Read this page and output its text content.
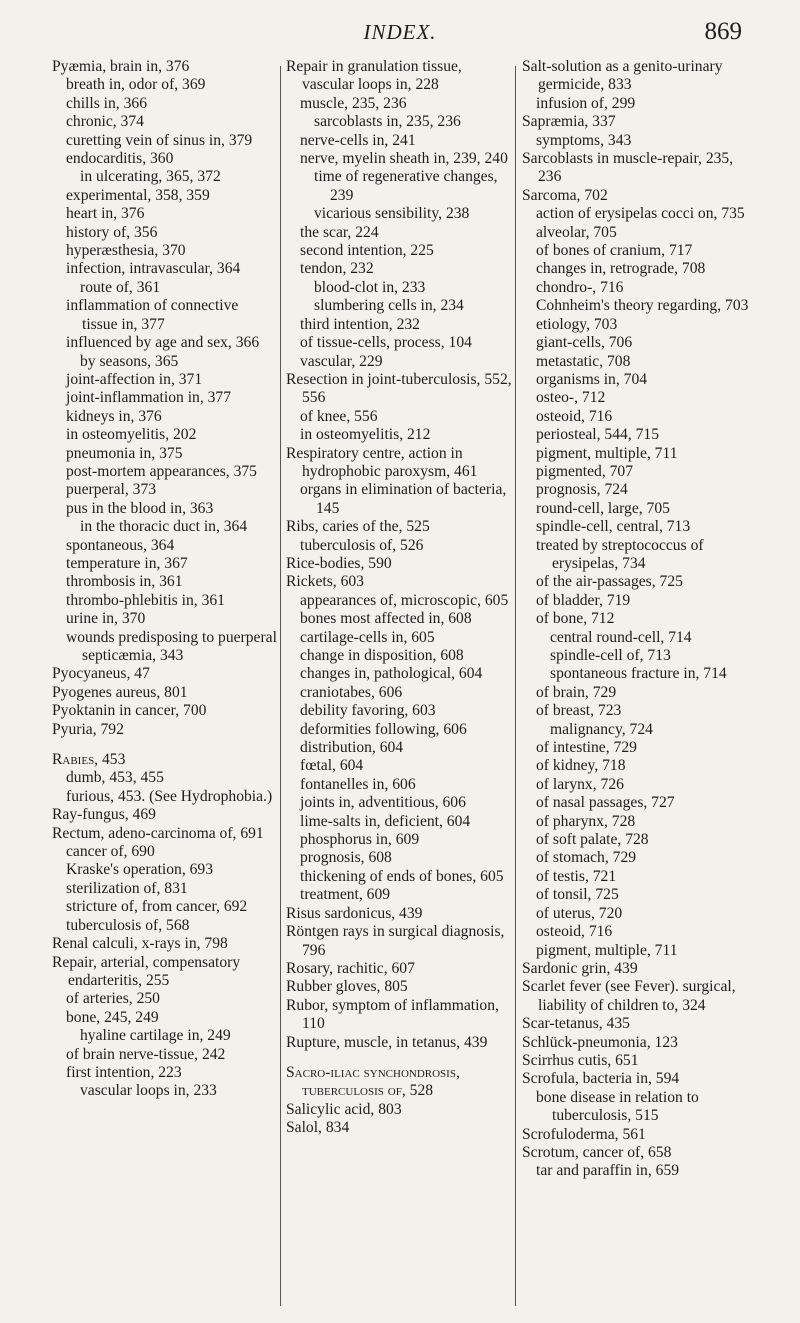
INDEX.	869

Pyæmia, brain in, 376

breath in, odor of, 369

chills in, 366

chronic, 374

curetting vein of sinus in, 379

endocarditis, 360

in ulcerating, 365, 372

experimental, 358, 359

heart in, 376

history of, 356

hyperæsthesia, 370

infection, intravascular, 364

route of, 361

inflammation of connective tissue in, 377

influenced by age and sex, 366

by seasons, 365

joint-affection in, 371

joint-inflammation in, 377

kidneys in, 376

in osteomyelitis, 202

pneumonia in, 375

post-mortem appearances, 375

puerperal, 373

pus in the blood in, 363

in the thoracic duct in, 364

spontaneous, 364

temperature in, 367

thrombosis in, 361

thrombo-phlebitis in, 361

urine in, 370

wounds predisposing to puerperal septicæmia, 343

Pyocyaneus, 47

Pyogenes aureus, 801

Pyoktanin in cancer, 700

Pyuria, 792

Rabies, 453

dumb, 453, 455

furious, 453. (See Hydrophobia.)

Ray-fungus, 469

Rectum, adeno-carcinoma of, 691

cancer of, 690

Kraske's operation, 693

sterilization of, 831

stricture of, from cancer, 692

tuberculosis of, 568

Renal calculi, x-rays in, 798

Repair, arterial, compensatory endarteritis, 255

of arteries, 250

bone, 245, 249

hyaline cartilage in, 249

of brain nerve-tissue, 242

first intention, 223

vascular loops in, 233

Repair in granulation tissue, vascular loops in, 228

muscle, 235, 236

sarcoblasts in, 235, 236

nerve-cells in, 241

nerve, myelin sheath in, 239, 240

time of regenerative changes, 239

vicarious sensibility, 238

the scar, 224

second intention, 225

tendon, 232

blood-clot in, 233

slumbering cells in, 234

third intention, 232

of tissue-cells, process, 104

vascular, 229

Resection in joint-tuberculosis, 552, 556

of knee, 556

in osteomyelitis, 212

Respiratory centre, action in hydrophobic paroxysm, 461

organs in elimination of bacteria, 145

Ribs, caries of the, 525

tuberculosis of, 526

Rice-bodies, 590

Rickets, 603

appearances of, microscopic, 605

bones most affected in, 608

cartilage-cells in, 605

change in disposition, 608

changes in, pathological, 604

craniotabes, 606

debility favoring, 603

deformities following, 606

distribution, 604

fœtal, 604

fontanelles in, 606

joints in, adventitious, 606

lime-salts in, deficient, 604

phosphorus in, 609

prognosis, 608

thickening of ends of bones, 605

treatment, 609

Risus sardonicus, 439

Röntgen rays in surgical diagnosis, 796

Rosary, rachitic, 607

Rubber gloves, 805

Rubor, symptom of inflammation, 110

Rupture, muscle, in tetanus, 439

Sacro-iliac synchondrosis, tuberculosis of, 528

Salicylic acid, 803

Salol, 834

Salt-solution as a genito-urinary germicide, 833

infusion of, 299

Sapræmia, 337

symptoms, 343

Sarcoblasts in muscle-repair, 235, 236

Sarcoma, 702

action of erysipelas cocci on, 735

alveolar, 705

of bones of cranium, 717

changes in, retrograde, 708

chondro-, 716

Cohnheim's theory regarding, 703

etiology, 703

giant-cells, 706

metastatic, 708

organisms in, 704

osteo-, 712

osteoid, 716

periosteal, 544, 715

pigment, multiple, 711

pigmented, 707

prognosis, 724

round-cell, large, 705

spindle-cell, central, 713

treated by streptococcus of erysipelas, 734

of the air-passages, 725

of bladder, 719

of bone, 712

central round-cell, 714

spindle-cell of, 713

spontaneous fracture in, 714

of brain, 729

of breast, 723

malignancy, 724

of intestine, 729

of kidney, 718

of larynx, 726

of nasal passages, 727

of pharynx, 728

of soft palate, 728

of stomach, 729

of testis, 721

of tonsil, 725

of uterus, 720

osteoid, 716

pigment, multiple, 711

Sardonic grin, 439

Scarlet fever (see Fever). surgical, liability of children to, 324

Scar-tetanus, 435

Schlück-pneumonia, 123

Scirrhus cutis, 651

Scrofula, bacteria in, 594

bone disease in relation to tuberculosis, 515

Scrofuloderma, 561

Scrotum, cancer of, 658

tar and paraffin in, 659
